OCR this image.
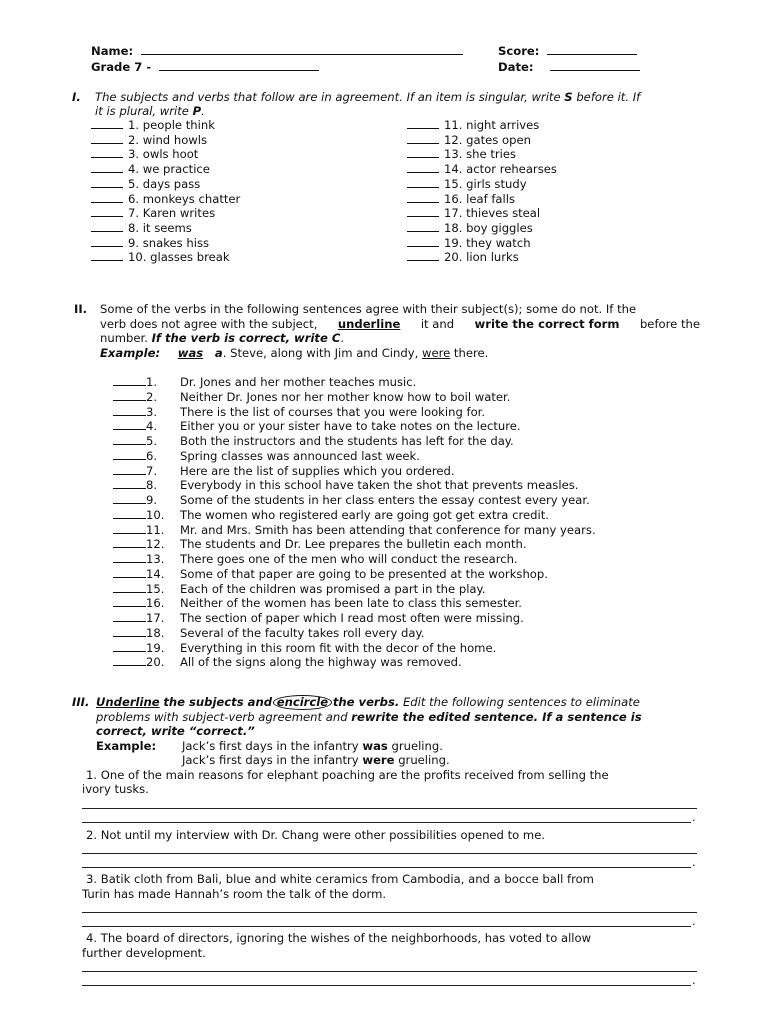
Name:	Score:
Grade 7 -	Date:
I. The subjects and verbs that follow are in agreement. If an item is singular, write S before it. If
it is plural, write P.
1. people think
2. wind howls
3. owls hoot
4. we practice
5. days pass
6. monkeys chatter
7. Karen writes
8. it seems
9. snakes hiss
10. glasses break
11. night arrives
12. gates open
13. she tries
14. actor rehearses
15. girls study
16. leaf falls
17. thieves steal
18. boy giggles
19. they watch
20. lion lurks
II. Some of the verbs in the following sentences agree with their subject(s); some do not. If the
verb does not agree with the subject, underline it and write the correct form before the
number. If the verb is correct, write C.
Example: was a. Steve, along with Jim and Cindy, were there.
1. Dr. Jones and her mother teaches music.
2. Neither Dr. Jones nor her mother know how to boil water.
3. There is the list of courses that you were looking for.
4. Either you or your sister have to take notes on the lecture.
5. Both the instructors and the students has left for the day.
6. Spring classes was announced last week.
7. Here are the list of supplies which you ordered.
8. Everybody in this school have taken the shot that prevents measles.
9. Some of the students in her class enters the essay contest every year.
10. The women who registered early are going got get extra credit.
11. Mr. and Mrs. Smith has been attending that conference for many years.
12. The students and Dr. Lee prepares the bulletin each month.
13. There goes one of the men who will conduct the research.
14. Some of that paper are going to be presented at the workshop.
15. Each of the children was promised a part in the play.
16. Neither of the women has been late to class this semester.
17. The section of paper which I read most often were missing.
18. Several of the faculty takes roll every day.
19. Everything in this room fit with the decor of the home.
20. All of the signs along the highway was removed.
III. Underline the subjects and encircle the verbs. Edit the following sentences to eliminate
problems with subject-verb agreement and rewrite the edited sentence. If a sentence is
correct, write “correct.”
Example: Jack’s first days in the infantry was grueling.
Jack’s first days in the infantry were grueling.
1. One of the main reasons for elephant poaching are the profits received from selling the
ivory tusks.
.
2. Not until my interview with Dr. Chang were other possibilities opened to me.
.
3. Batik cloth from Bali, blue and white ceramics from Cambodia, and a bocce ball from
Turin has made Hannah’s room the talk of the dorm.
.
4. The board of directors, ignoring the wishes of the neighborhoods, has voted to allow
further development.
.
